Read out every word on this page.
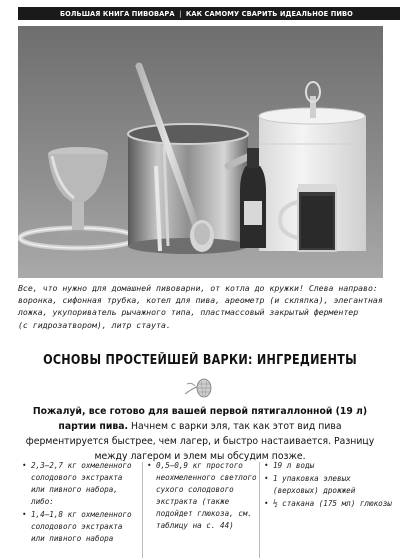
БОЛЬШАЯ КНИГА ПИВОВАРА | КАК САМОМУ СВАРИТЬ ИДЕАЛЬНОЕ ПИВО
Все, что нужно для домашней пивоварни, от котла до кружки! Слева направо:
воронка, сифонная трубка, котел для пива, ареометр (и скляпка), элегантная
ложка, укупориватель рычажного типа, пластмассовый закрытый ферментер
(с гидрозатвором), литр стаута.
ОСНОВЫ ПРОСТЕЙШЕЙ ВАРКИ: ИНГРЕДИЕНТЫ
Пожалуй, все готово для вашей первой пятигаллонной (19 л) партии пива. Начнем с варки эля, так как этот вид пива ферментируется быстрее, чем лагер, и быстро настаивается. Разницу между лагером и элем мы обсудим позже.
• 2,3–2,7 кг охмеленного солодового экстракта или пивного набора, либо:
• 1,4–1,8 кг охмеленного солодового экстракта или пивного набора
• 0,5–0,9 кг простого неохмеленного светлого сухого солодового экстракта (также подойдет глюкоза, см. таблицу на с. 44)
• 19 л воды
• 1 упаковка элевых (верховых) дрожжей
• ½ стакана (175 мл) глюкозы
